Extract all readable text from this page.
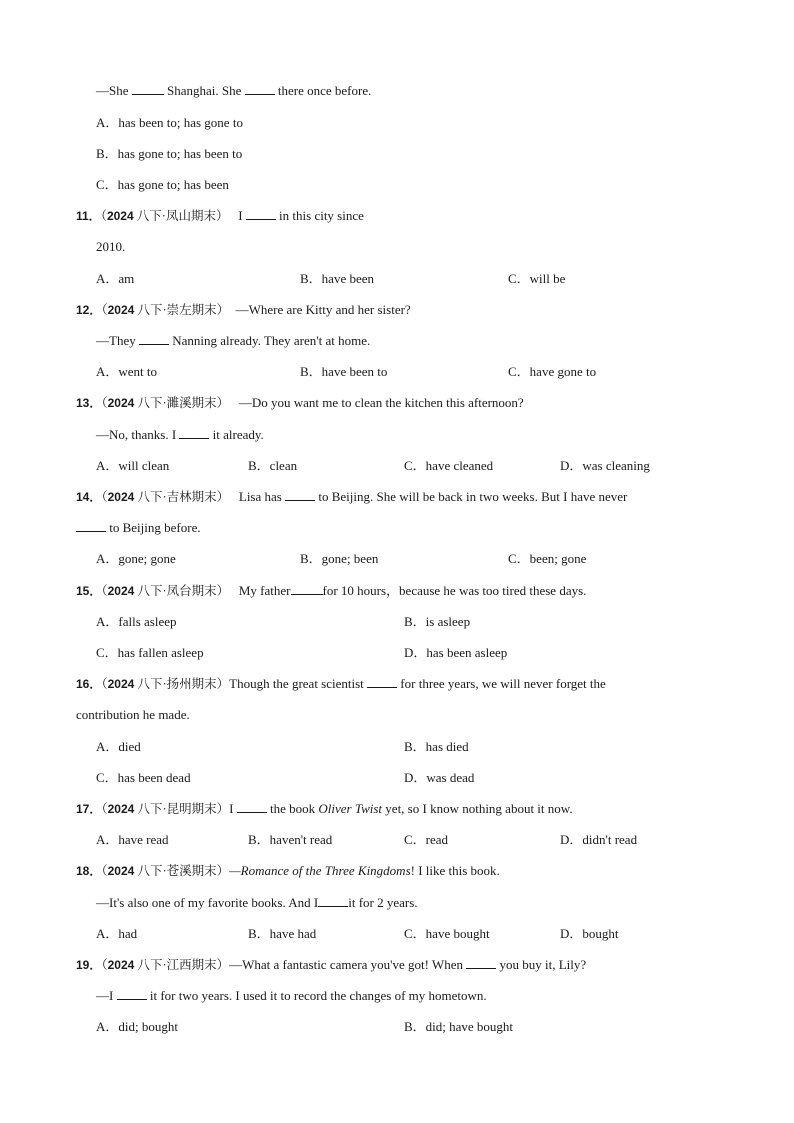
—She  Shanghai. She  there once before.
A．has been to; has gone to
B．has gone to; has been to
C．has gone to; has been
11．（2024 八下·凤山期末） I  in this city since
2010.
A．am	B．have been	C．will be
12．（2024 八下·崇左期末） —Where are Kitty and her sister?
—They  Nanning already. They aren't at home.
A．went to	B．have been to	C．have gone to
13．（2024 八下·濉溪期末） —Do you want me to clean the kitchen this afternoon?
—No, thanks. I  it already.
A．will clean	B．clean	C．have cleaned	D．was cleaning
14．（2024 八下·吉林期末） Lisa has  to Beijing. She will be back in two weeks. But I have never
to Beijing before.
A．gone; gone	B．gone; been	C．been; gone
15．（2024 八下·凤台期末） My father for 10 hours，because he was too tired these days.
A．falls asleep	B．is asleep
C．has fallen asleep	D．has been asleep
16．（2024 八下·扬州期末）Though the great scientist  for three years, we will never forget the
contribution he made.
A．died	B．has died
C．has been dead	D．was dead
17．（2024 八下·昆明期末）I  the book Oliver Twist yet, so I know nothing about it now.
A．have read	B．haven't read	C．read	D．didn't read
18．（2024 八下·苍溪期末）—Romance of the Three Kingdoms! I like this book.
—It's also one of my favorite books. And I it for 2 years.
A．had	B．have had	C．have bought	D．bought
19．（2024 八下·江西期末）—What a fantastic camera you've got! When  you buy it, Lily?
—I  it for two years. I used it to record the changes of my hometown.
A．did; bought	B．did; have bought
